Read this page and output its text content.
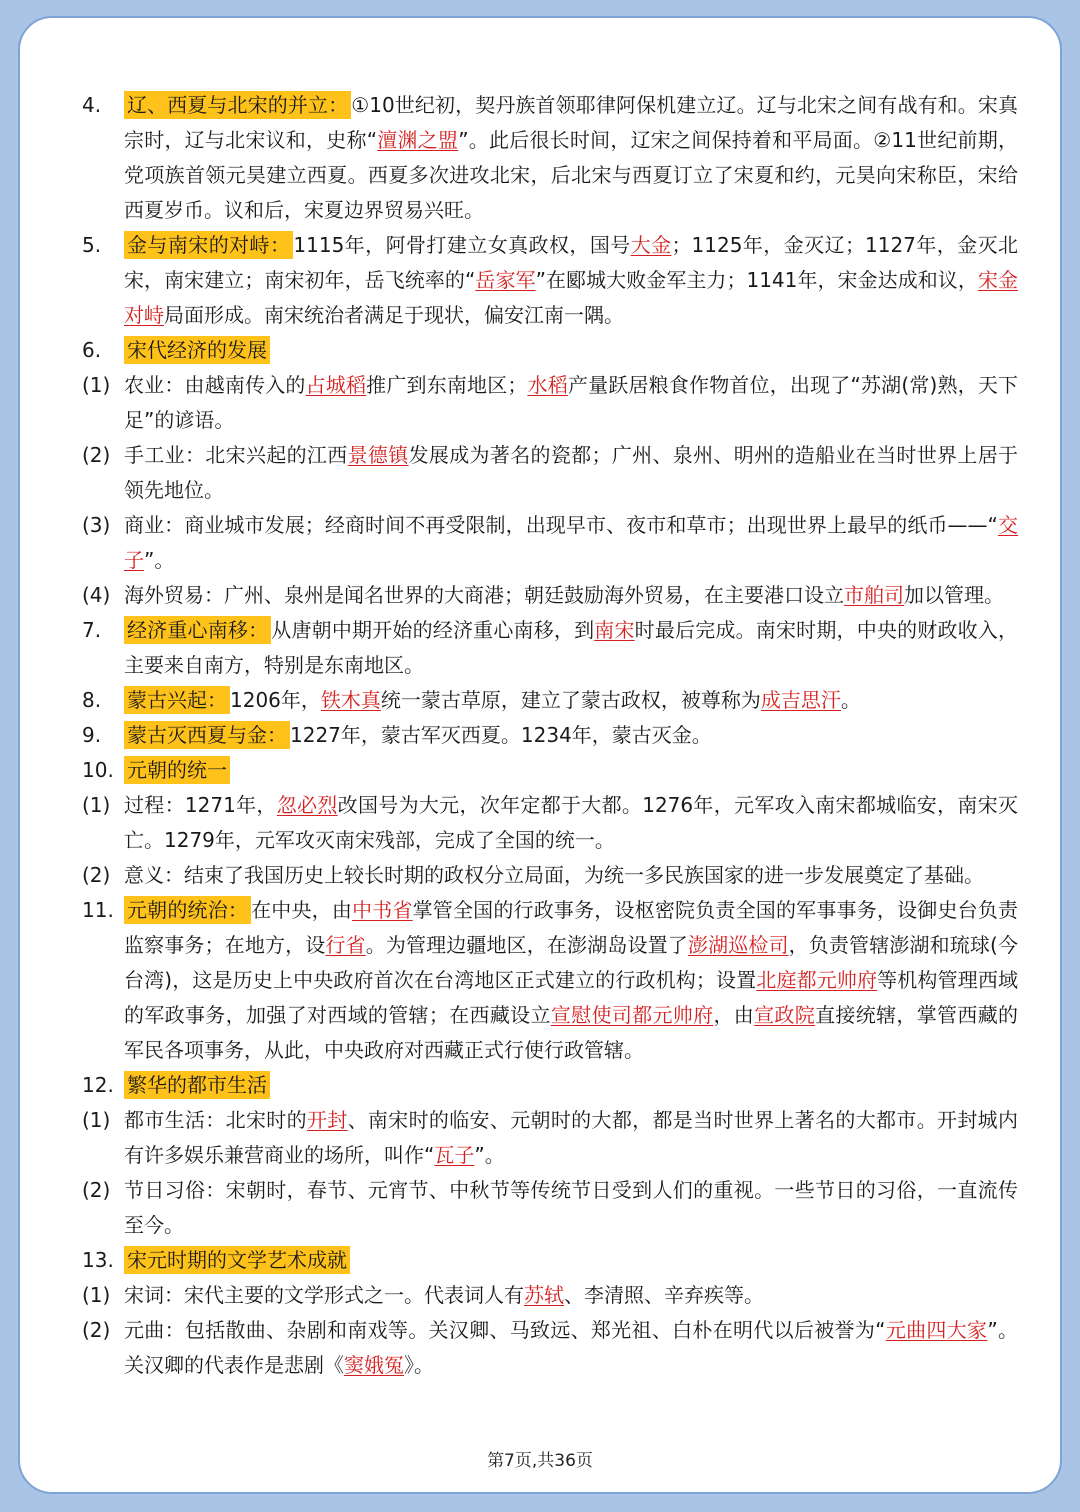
4. 辽、西夏与北宋的并立： ①10世纪初，契丹族首领耶律阿保机建立辽。辽与北宋之间有战有和。宋真宗时，辽与北宋议和，史称“澶渊之盟”。此后很长时间，辽宋之间保持着和平局面。②11世纪前期，党项族首领元昊建立西夏。西夏多次进攻北宋，后北宋与西夏订立了宋夏和约，元昊向宋称臣，宋给西夏岁币。议和后，宋夏边界贸易兴旺。
5. 金与南宋的对峙： 1115年，阿骨打建立女真政权，国号大金；1125年，金灭辽；1127年，金灭北宋，南宋建立；南宋初年，岳飞统率的“岳家军”在郾城大败金军主力；1141年，宋金达成和议，宋金对峙局面形成。南宋统治者满足于现状，偏安江南一隅。
6. 宋代经济的发展
(1) 农业：由越南传入的占城稻推广到东南地区；水稻产量跃居粮食作物首位，出现了“苏湖(常)熟，天下足”的谚语。
(2) 手工业：北宋兴起的江西景德镇发展成为著名的瓷都；广州、泉州、明州的造船业在当时世界上居于领先地位。
(3) 商业：商业城市发展；经商时间不再受限制，出现早市、夜市和草市；出现世界上最早的纸币——“交子”。
(4) 海外贸易：广州、泉州是闻名世界的大商港；朝廷鼓励海外贸易，在主要港口设立市舶司加以管理。
7. 经济重心南移： 从唐朝中期开始的经济重心南移，到南宋时最后完成。南宋时期，中央的财政收入，主要来自南方，特别是东南地区。
8. 蒙古兴起： 1206年，铁木真统一蒙古草原，建立了蒙古政权，被尊称为成吉思汗。
9. 蒙古灭西夏与金： 1227年，蒙古军灭西夏。1234年，蒙古灭金。
10. 元朝的统一
(1) 过程：1271年，忽必烈改国号为大元，次年定都于大都。1276年，元军攻入南宋都城临安，南宋灭亡。1279年，元军攻灭南宋残部，完成了全国的统一。
(2) 意义：结束了我国历史上较长时期的政权分立局面，为统一多民族国家的进一步发展奠定了基础。
11. 元朝的统治： 在中央，由中书省掌管全国的行政事务，设枢密院负责全国的军事事务，设御史台负责监察事务；在地方，设行省。为管理边疆地区，在澎湖岛设置了澎湖巡检司，负责管辖澎湖和琉球(今台湾)，这是历史上中央政府首次在台湾地区正式建立的行政机构；设置北庭都元帅府等机构管理西域的军政事务，加强了对西域的管辖；在西藏设立宣慰使司都元帅府，由宣政院直接统辖，掌管西藏的军民各项事务，从此，中央政府对西藏正式行使行政管辖。
12. 繁华的都市生活
(1) 都市生活：北宋时的开封、南宋时的临安、元朝时的大都，都是当时世界上著名的大都市。开封城内有许多娱乐兼营商业的场所，叫作“瓦子”。
(2) 节日习俗：宋朝时，春节、元宵节、中秋节等传统节日受到人们的重视。一些节日的习俗，一直流传至今。
13. 宋元时期的文学艺术成就
(1) 宋词：宋代主要的文学形式之一。代表词人有苏轼、李清照、辛弃疾等。
(2) 元曲：包括散曲、杂剧和南戏等。关汉卿、马致远、郑光祖、白朴在明代以后被誉为“元曲四大家”。关汉卿的代表作是悲剧《窦娥冤》。
第7页,共36页
